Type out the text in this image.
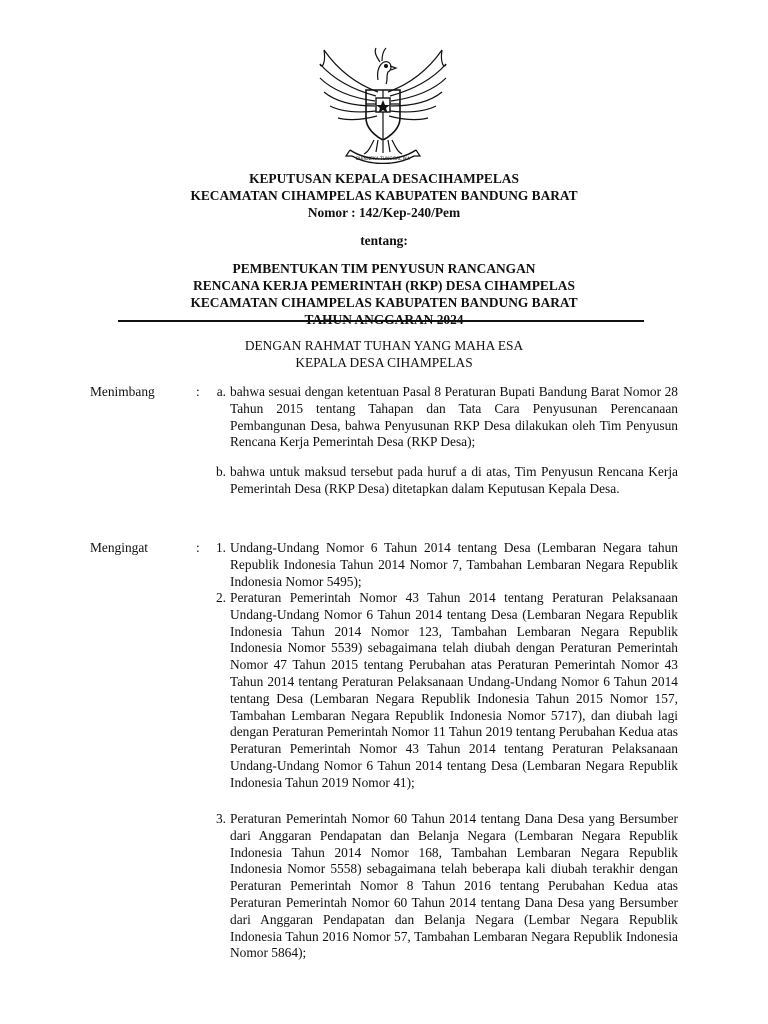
BHINNEKA TUNGGAL IKA
KEPUTUSAN KEPALA DESACIHAMPELAS
KECAMATAN CIHAMPELAS KABUPATEN BANDUNG BARAT
Nomor : 142/Kep-240/Pem
tentang:
PEMBENTUKAN TIM PENYUSUN RANCANGAN
RENCANA KERJA PEMERINTAH (RKP) DESA CIHAMPELAS
KECAMATAN CIHAMPELAS KABUPATEN BANDUNG BARAT
TAHUN ANGGARAN 2024
DENGAN RAHMAT TUHAN YANG MAHA ESA
KEPALA DESA CIHAMPELAS
Menimbang	:	a. bahwa sesuai dengan ketentuan Pasal 8 Peraturan Bupati Bandung Barat Nomor 28 Tahun 2015 tentang Tahapan dan Tata Cara Penyusunan Perencanaan Pembangunan Desa, bahwa Penyusunan RKP Desa dilakukan oleh Tim Penyusun Rencana Kerja Pemerintah Desa (RKP Desa);
b. bahwa untuk maksud tersebut pada huruf a di atas, Tim Penyusun Rencana Kerja Pemerintah Desa (RKP Desa) ditetapkan dalam Keputusan Kepala Desa.
Mengingat	:	1. Undang-Undang Nomor 6 Tahun 2014 tentang Desa (Lembaran Negara tahun Republik Indonesia Tahun 2014 Nomor 7, Tambahan Lembaran Negara Republik Indonesia Nomor 5495);
2. Peraturan Pemerintah Nomor 43 Tahun 2014 tentang Peraturan Pelaksanaan Undang-Undang Nomor 6 Tahun 2014 tentang Desa (Lembaran Negara Republik Indonesia Tahun 2014 Nomor 123, Tambahan Lembaran Negara Republik Indonesia Nomor 5539) sebagaimana telah diubah dengan Peraturan Pemerintah Nomor 47 Tahun 2015 tentang Perubahan atas Peraturan Pemerintah Nomor 43 Tahun 2014 tentang Peraturan Pelaksanaan Undang-Undang Nomor 6 Tahun 2014 tentang Desa (Lembaran Negara Republik Indonesia Tahun 2015 Nomor 157, Tambahan Lembaran Negara Republik Indonesia Nomor 5717), dan diubah lagi dengan Peraturan Pemerintah Nomor 11 Tahun 2019 tentang Perubahan Kedua atas Peraturan Pemerintah Nomor 43 Tahun 2014 tentang Peraturan Pelaksanaan Undang-Undang Nomor 6 Tahun 2014 tentang Desa (Lembaran Negara Republik Indonesia Tahun 2019 Nomor 41);
3. Peraturan Pemerintah Nomor 60 Tahun 2014 tentang Dana Desa yang Bersumber dari Anggaran Pendapatan dan Belanja Negara (Lembaran Negara Republik Indonesia Tahun 2014 Nomor 168, Tambahan Lembaran Negara Republik Indonesia Nomor 5558) sebagaimana telah beberapa kali diubah terakhir dengan Peraturan Pemerintah Nomor 8 Tahun 2016 tentang Perubahan Kedua atas Peraturan Pemerintah Nomor 60 Tahun 2014 tentang Dana Desa yang Bersumber dari Anggaran Pendapatan dan Belanja Negara (Lembar Negara Republik Indonesia Tahun 2016 Nomor 57, Tambahan Lembaran Negara Republik Indonesia Nomor 5864);
